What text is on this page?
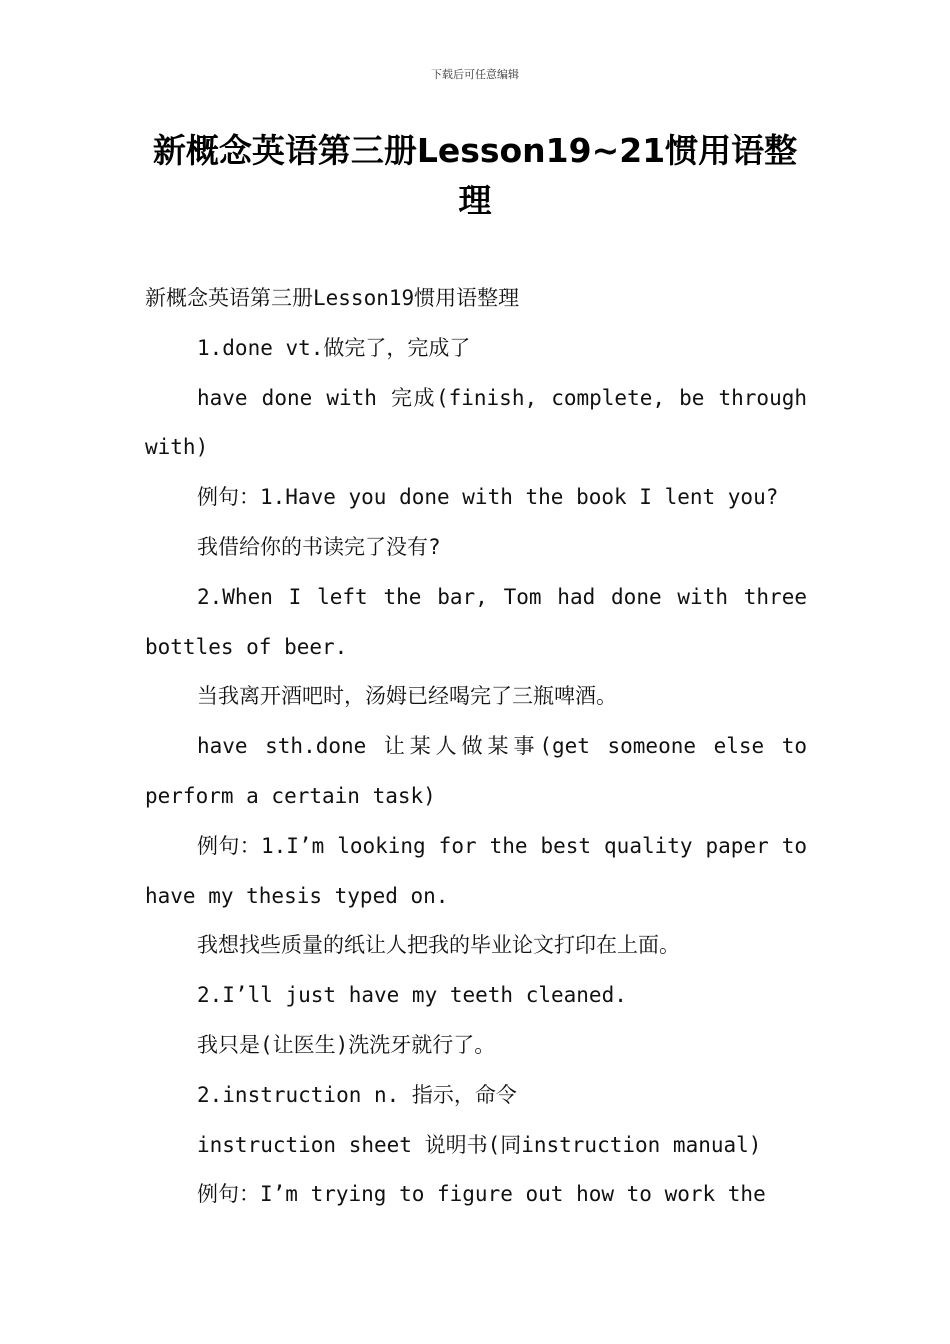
下载后可任意编辑
新概念英语第三册Lesson19~21惯用语整理

新概念英语第三册Lesson19惯用语整理

1.done vt.做完了，完成了

have done with 完成(finish, complete, be through with)

例句：1.Have you done with the book I lent you?

我借给你的书读完了没有?

2.When I left the bar, Tom had done with three bottles of beer.

当我离开酒吧时，汤姆已经喝完了三瓶啤酒。

have sth.done 让某人做某事(get someone else to perform a certain task)

例句：1.I’m looking for the best quality paper to have my thesis typed on.

我想找些质量的纸让人把我的毕业论文打印在上面。

2.I’ll just have my teeth cleaned.

我只是(让医生)洗洗牙就行了。

2.instruction n. 指示，命令

instruction sheet 说明书(同instruction manual)

例句：I’m trying to figure out how to work the
